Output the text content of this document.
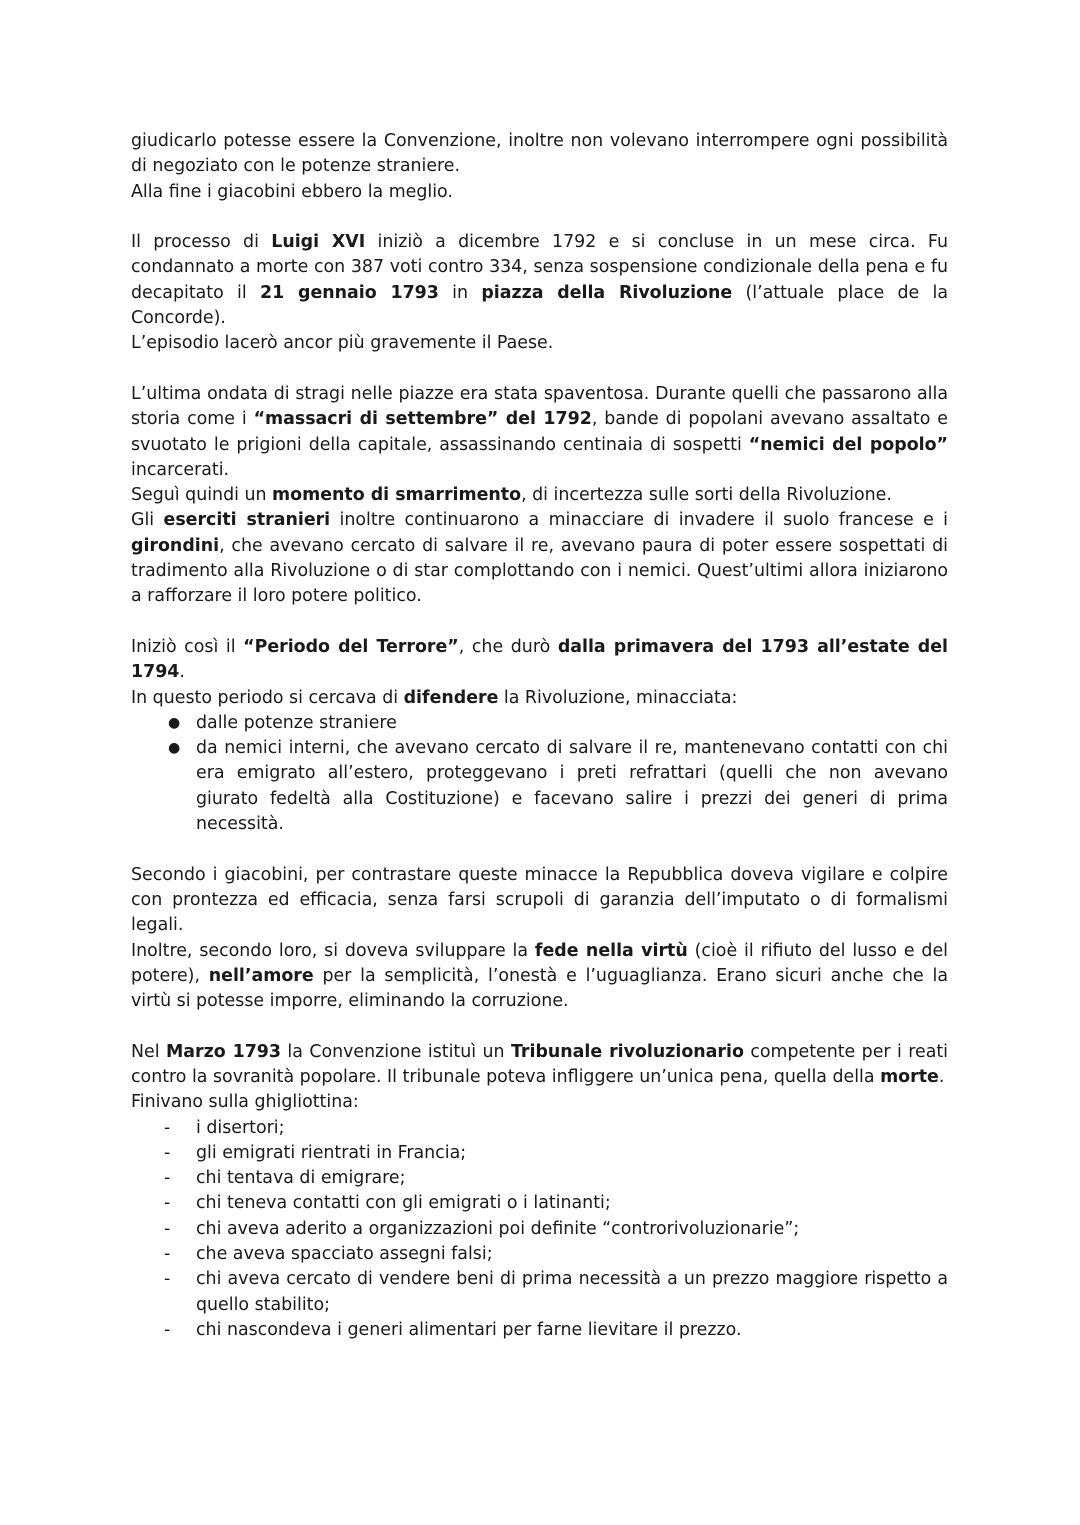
giudicarlo potesse essere la Convenzione, inoltre non volevano interrompere ogni possibilità di negoziato con le potenze straniere.

Alla fine i giacobini ebbero la meglio.

Il processo di Luigi XVI iniziò a dicembre 1792 e si concluse in un mese circa. Fu condannato a morte con 387 voti contro 334, senza sospensione condizionale della pena e fu decapitato il 21 gennaio 1793 in piazza della Rivoluzione (l’attuale place de la Concorde).

L’episodio lacerò ancor più gravemente il Paese.

L’ultima ondata di stragi nelle piazze era stata spaventosa. Durante quelli che passarono alla storia come i “massacri di settembre” del 1792, bande di popolani avevano assaltato e svuotato le prigioni della capitale, assassinando centinaia di sospetti “nemici del popolo” incarcerati.

Seguì quindi un momento di smarrimento, di incertezza sulle sorti della Rivoluzione.

Gli eserciti stranieri inoltre continuarono a minacciare di invadere il suolo francese e i girondini, che avevano cercato di salvare il re, avevano paura di poter essere sospettati di tradimento alla Rivoluzione o di star complottando con i nemici. Quest’ultimi allora iniziarono a rafforzare il loro potere politico.

Iniziò così il “Periodo del Terrore”, che durò dalla primavera del 1793 all’estate del 1794.

In questo periodo si cercava di difendere la Rivoluzione, minacciata:

● dalle potenze straniere
● da nemici interni, che avevano cercato di salvare il re, mantenevano contatti con chi era emigrato all’estero, proteggevano i preti refrattari (quelli che non avevano giurato fedeltà alla Costituzione) e facevano salire i prezzi dei generi di prima necessità.

Secondo i giacobini, per contrastare queste minacce la Repubblica doveva vigilare e colpire con prontezza ed efficacia, senza farsi scrupoli di garanzia dell’imputato o di formalismi legali.

Inoltre, secondo loro, si doveva sviluppare la fede nella virtù (cioè il rifiuto del lusso e del potere), nell’amore per la semplicità, l’onestà e l’uguaglianza. Erano sicuri anche che la virtù si potesse imporre, eliminando la corruzione.

Nel Marzo 1793 la Convenzione istituì un Tribunale rivoluzionario competente per i reati contro la sovranità popolare. Il tribunale poteva infliggere un’unica pena, quella della morte.

Finivano sulla ghigliottina:

- i disertori;
- gli emigrati rientrati in Francia;
- chi tentava di emigrare;
- chi teneva contatti con gli emigrati o i latinanti;
- chi aveva aderito a organizzazioni poi definite “controrivoluzionarie”;
- che aveva spacciato assegni falsi;
- chi aveva cercato di vendere beni di prima necessità a un prezzo maggiore rispetto a quello stabilito;
- chi nascondeva i generi alimentari per farne lievitare il prezzo.
